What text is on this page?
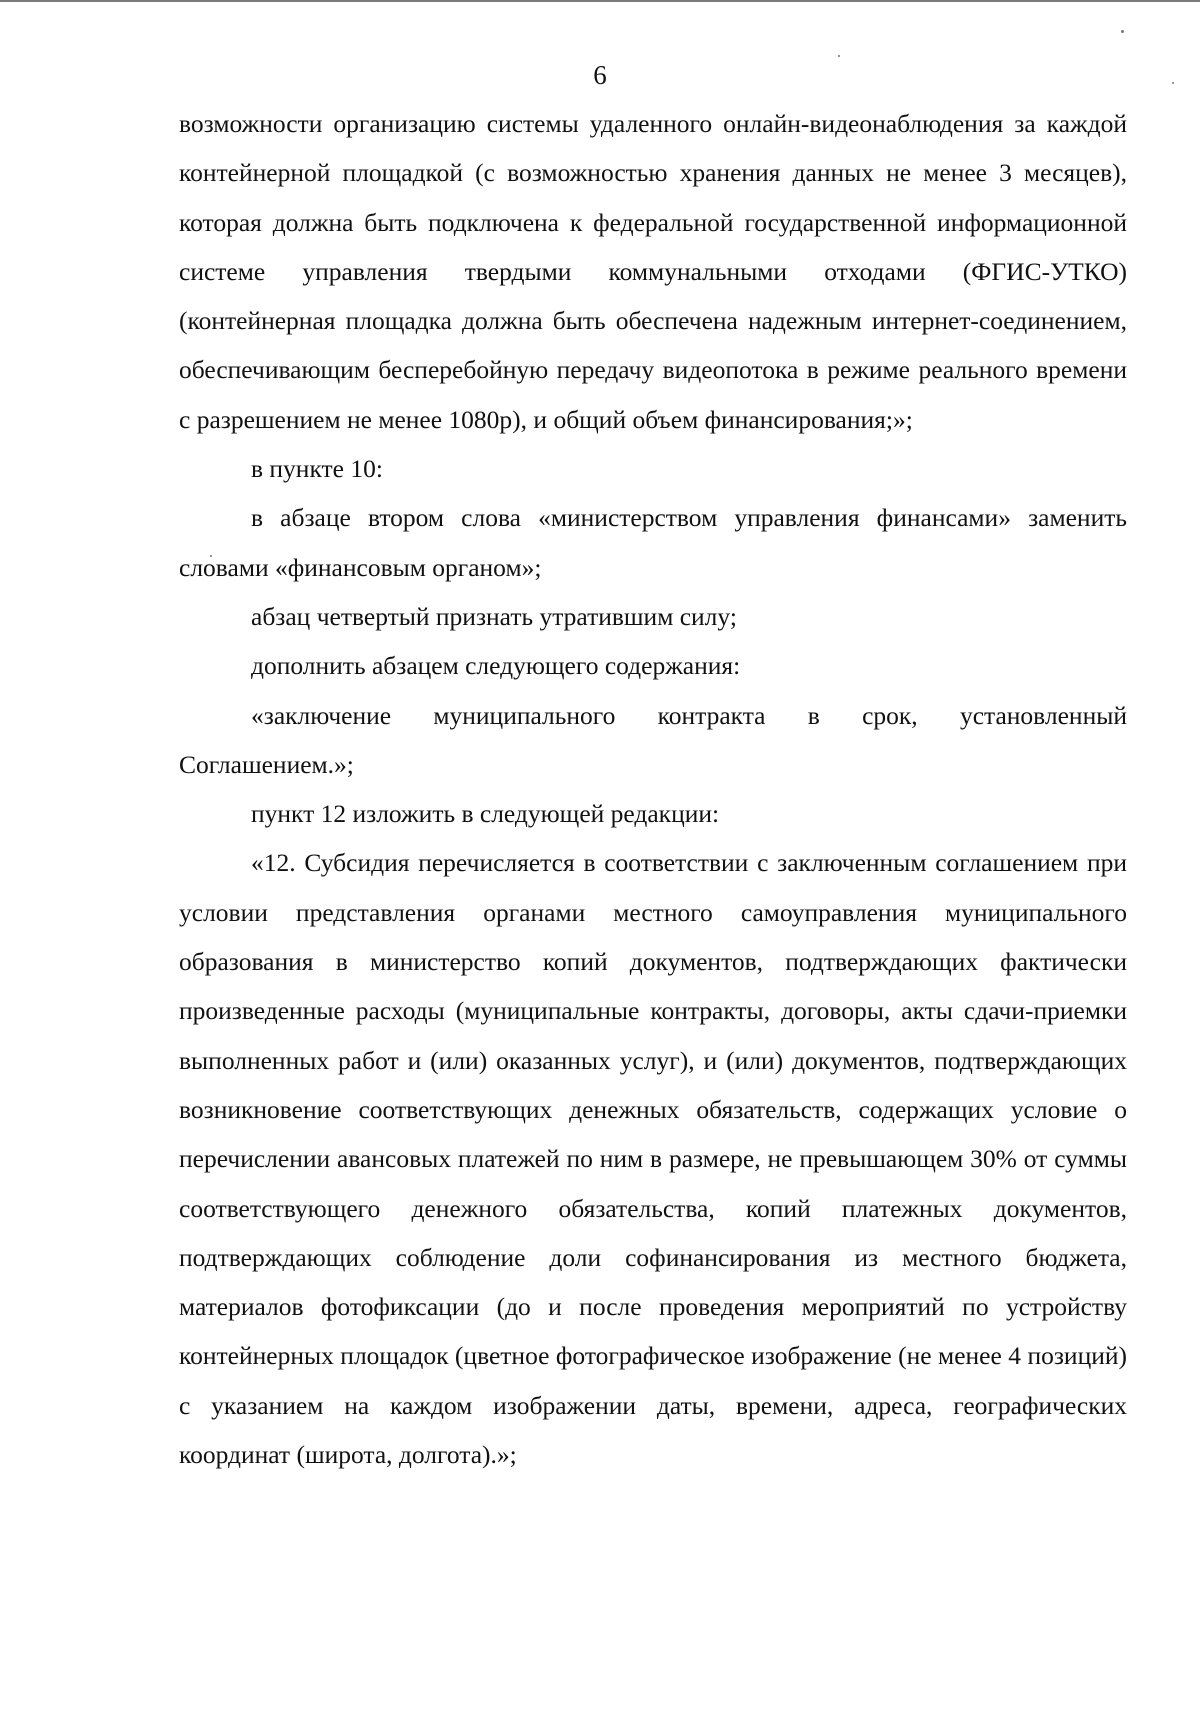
6

возможности организацию системы удаленного онлайн-видеонаблюдения за каждой контейнерной площадкой (с возможностью хранения данных не менее 3 месяцев), которая должна быть подключена к федеральной государственной информационной системе управления твердыми коммунальными отходами (ФГИС-УТКО) (контейнерная площадка должна быть обеспечена надежным интернет-соединением, обеспечивающим бесперебойную передачу видеопотока в режиме реального времени с разрешением не менее 1080р), и общий объем финансирования;»;

в пункте 10:

в абзаце втором слова «министерством управления финансами» заменить словами «финансовым органом»;

абзац четвертый признать утратившим силу;

дополнить абзацем следующего содержания:

«заключение муниципального контракта в срок, установленный Соглашением.»;

пункт 12 изложить в следующей редакции:

«12. Субсидия перечисляется в соответствии с заключенным соглашением при условии представления органами местного самоуправления муниципального образования в министерство копий документов, подтверждающих фактически произведенные расходы (муниципальные контракты, договоры, акты сдачи-приемки выполненных работ и (или) оказанных услуг), и (или) документов, подтверждающих возникновение соответствующих денежных обязательств, содержащих условие о перечислении авансовых платежей по ним в размере, не превышающем 30% от суммы соответствующего денежного обязательства, копий платежных документов, подтверждающих соблюдение доли софинансирования из местного бюджета, материалов фотофиксации (до и после проведения мероприятий по устройству контейнерных площадок (цветное фотографическое изображение (не менее 4 позиций) с указанием на каждом изображении даты, времени, адреса, географических координат (широта, долгота).»;
